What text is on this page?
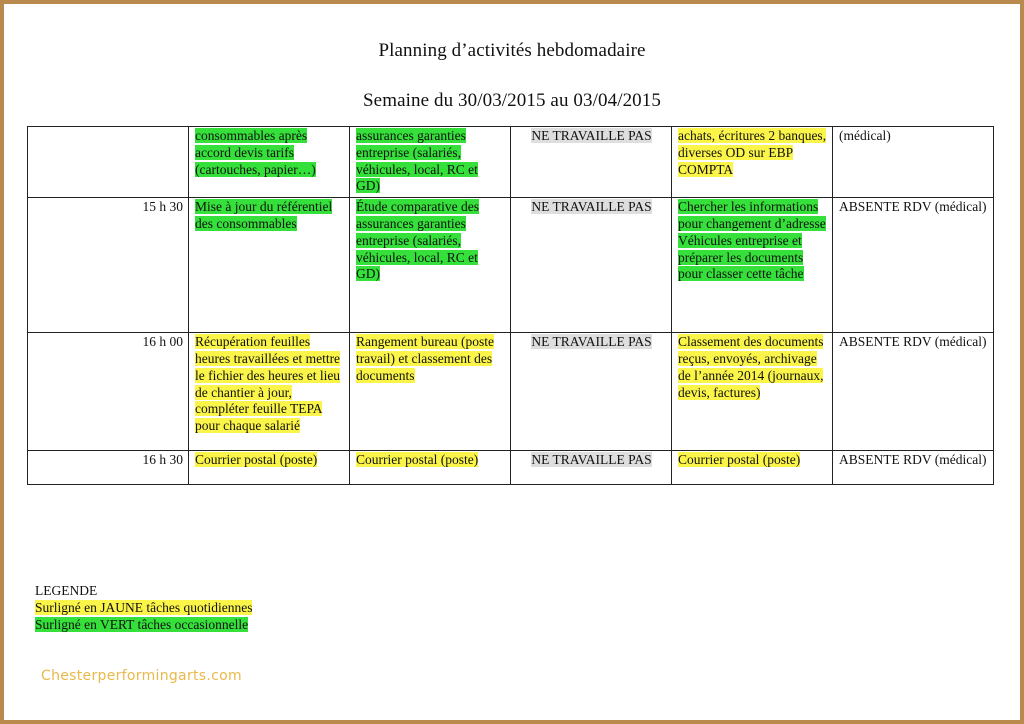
Planning d’activités hebdomadaire
Semaine du 30/03/2015 au 03/04/2015
	consommables après accord devis tarifs (cartouches, papier…)	assurances garanties entreprise (salariés, véhicules, local, RC et GD)	NE TRAVAILLE PAS	achats, écritures 2 banques, diverses OD sur EBP COMPTA	(médical)
15 h 30	Mise à jour du référentiel des consommables	Étude comparative des assurances garanties entreprise (salariés, véhicules, local, RC et GD)	NE TRAVAILLE PAS	Chercher les informations pour changement d’adresse Véhicules entreprise et préparer les documents pour classer cette tâche	ABSENTE RDV (médical)
16 h 00	Récupération feuilles heures travaillées et mettre le fichier des heures et lieu de chantier à jour, compléter feuille TEPA pour chaque salarié	Rangement bureau (poste travail) et classement des documents	NE TRAVAILLE PAS	Classement des documents reçus, envoyés, archivage de l’année 2014 (journaux, devis, factures)	ABSENTE RDV (médical)
16 h 30	Courrier postal (poste)	Courrier postal (poste)	NE TRAVAILLE PAS	Courrier postal (poste)	ABSENTE RDV (médical)
LEGENDE
Surligné en JAUNE tâches quotidiennes
Surligné en VERT tâches occasionnelle
Chesterperformingarts.com
